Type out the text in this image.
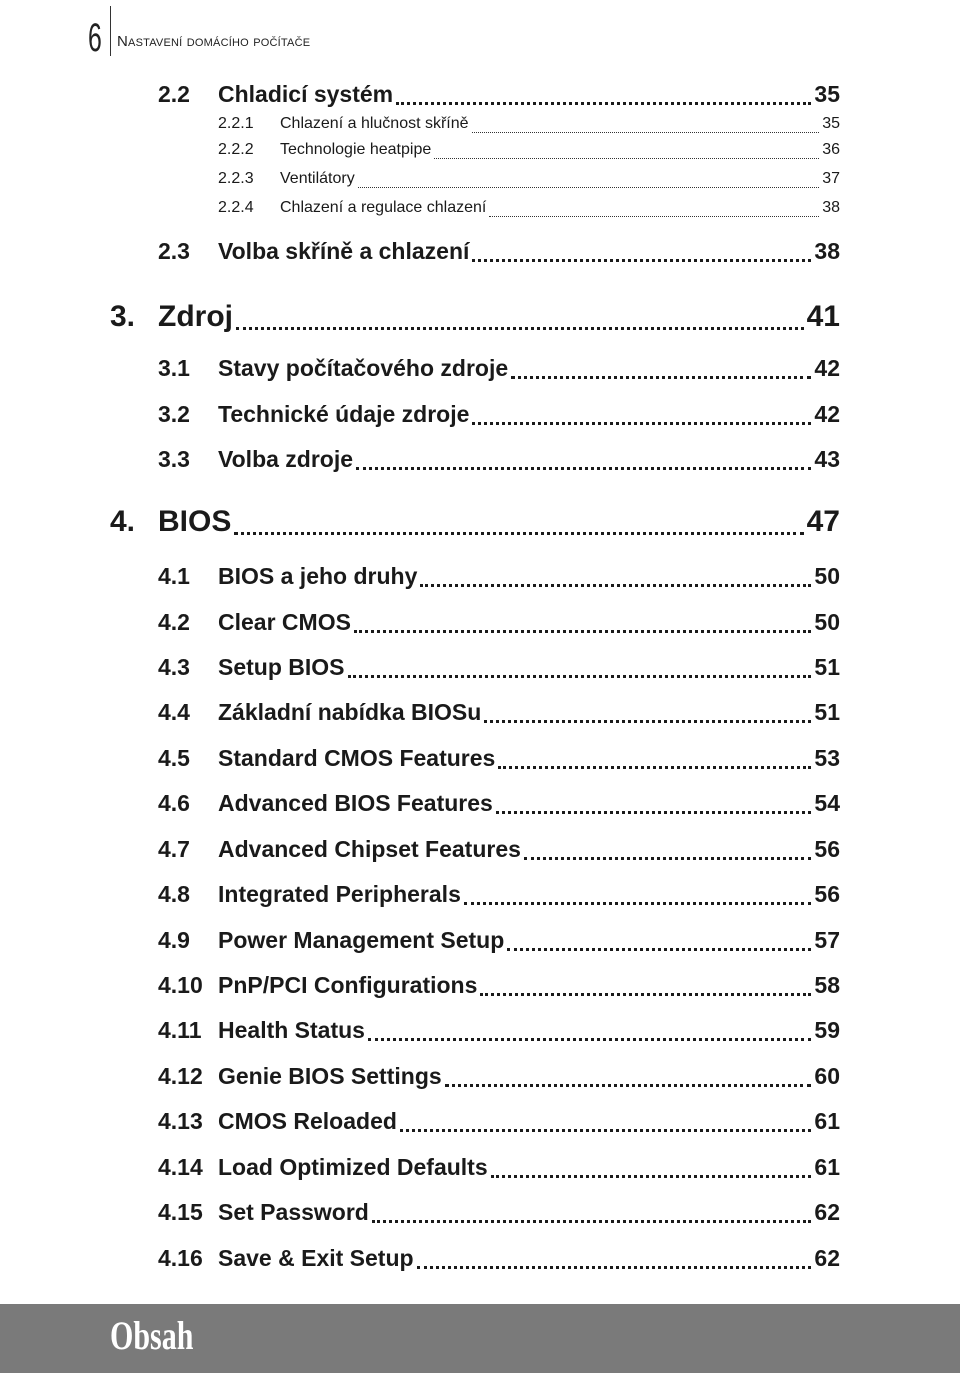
6 Nastavení domácího počítače
2.2	Chladicí systém	35
2.2.1	Chlazení a hlučnost skříně	35
2.2.2	Technologie heatpipe	36
2.2.3	Ventilátory	37
2.2.4	Chlazení a regulace chlazení	38
2.3	Volba skříně a chlazení	38
3. Zdroj	41
3.1	Stavy počítačového zdroje	42
3.2	Technické údaje zdroje	42
3.3	Volba zdroje	43
4. BIOS	47
4.1	BIOS a jeho druhy	50
4.2	Clear CMOS	50
4.3	Setup BIOS	51
4.4	Základní nabídka BIOSu	51
4.5	Standard CMOS Features	53
4.6	Advanced BIOS Features	54
4.7	Advanced Chipset Features	56
4.8	Integrated Peripherals	56
4.9	Power Management Setup	57
4.10 PnP/PCI Configurations	58
4.11 Health Status	59
4.12 Genie BIOS Settings	60
4.13 CMOS Reloaded	61
4.14 Load Optimized Defaults	61
4.15 Set Password	62
4.16 Save & Exit Setup	62
Obsah
